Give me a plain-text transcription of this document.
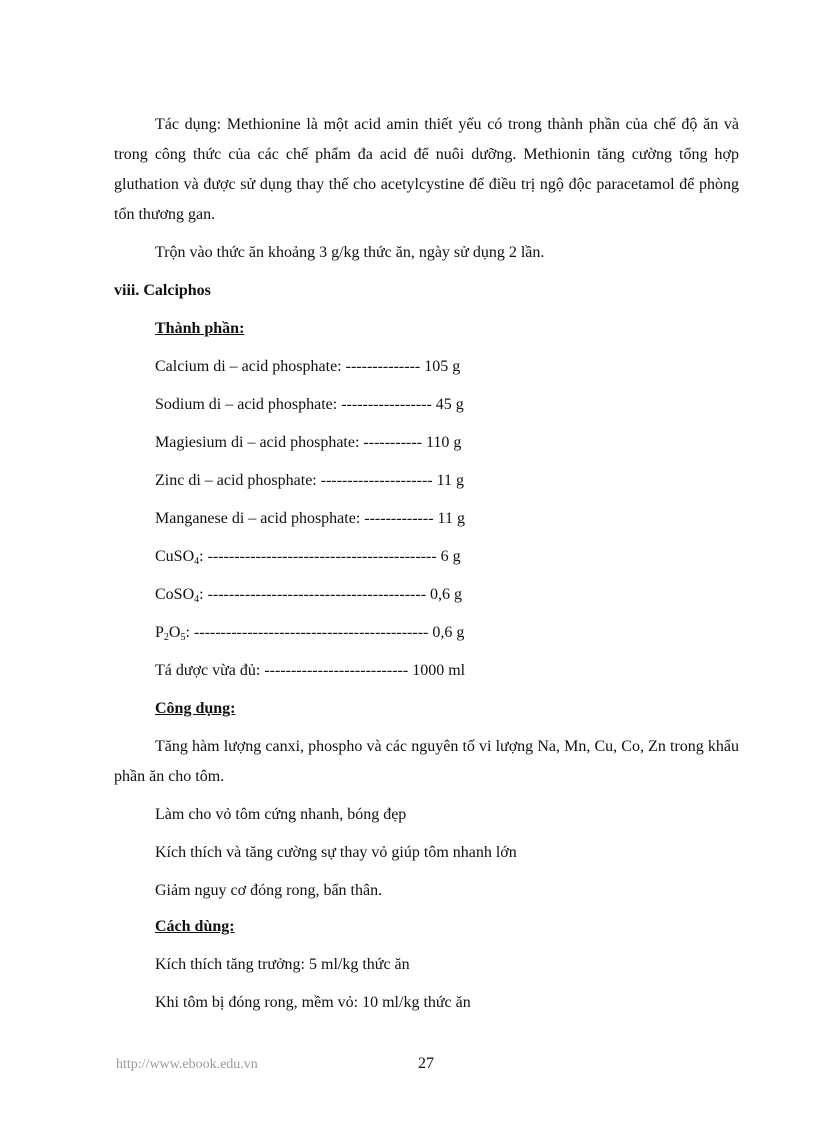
Tác dụng: Methionine là một acid amin thiết yếu có trong thành phần của chế độ ăn và trong công thức của các chế phẩm đa acid để nuôi dưỡng. Methionin tăng cường tổng hợp gluthation và được sử dụng thay thế cho acetylcystine để điều trị ngộ độc paracetamol để phòng tổn thương gan.

Trộn vào thức ăn khoảng 3 g/kg thức ăn, ngày sử dụng 2 lần.

viii. Calciphos

Thành phần:

Calcium di – acid phosphate: -------------- 105 g

Sodium di – acid phosphate: ----------------- 45 g

Magiesium di – acid phosphate: ----------- 110 g

Zinc di – acid phosphate: --------------------- 11 g

Manganese di – acid phosphate: ------------- 11 g

CuSO$_4$: ------------------------------------------- 6 g

CoSO$_4$: ----------------------------------------- 0,6 g

$P_2O_5$: -------------------------------------------- 0,6 g

Tá dược vừa đủ: --------------------------- 1000 ml

Công dụng:

Tăng hàm lượng canxi, phospho và các nguyên tố vi lượng Na, Mn, Cu, Co, Zn trong khẩu phần ăn cho tôm.

Làm cho vỏ tôm cứng nhanh, bóng đẹp

Kích thích và tăng cường sự thay vỏ giúp tôm nhanh lớn

Giảm nguy cơ đóng rong, bẩn thân.

Cách dùng:

Kích thích tăng trưởng: 5 ml/kg thức ăn

Khi tôm bị đóng rong, mềm vỏ: 10 ml/kg thức ăn

http://www.ebook.edu.vn	27
